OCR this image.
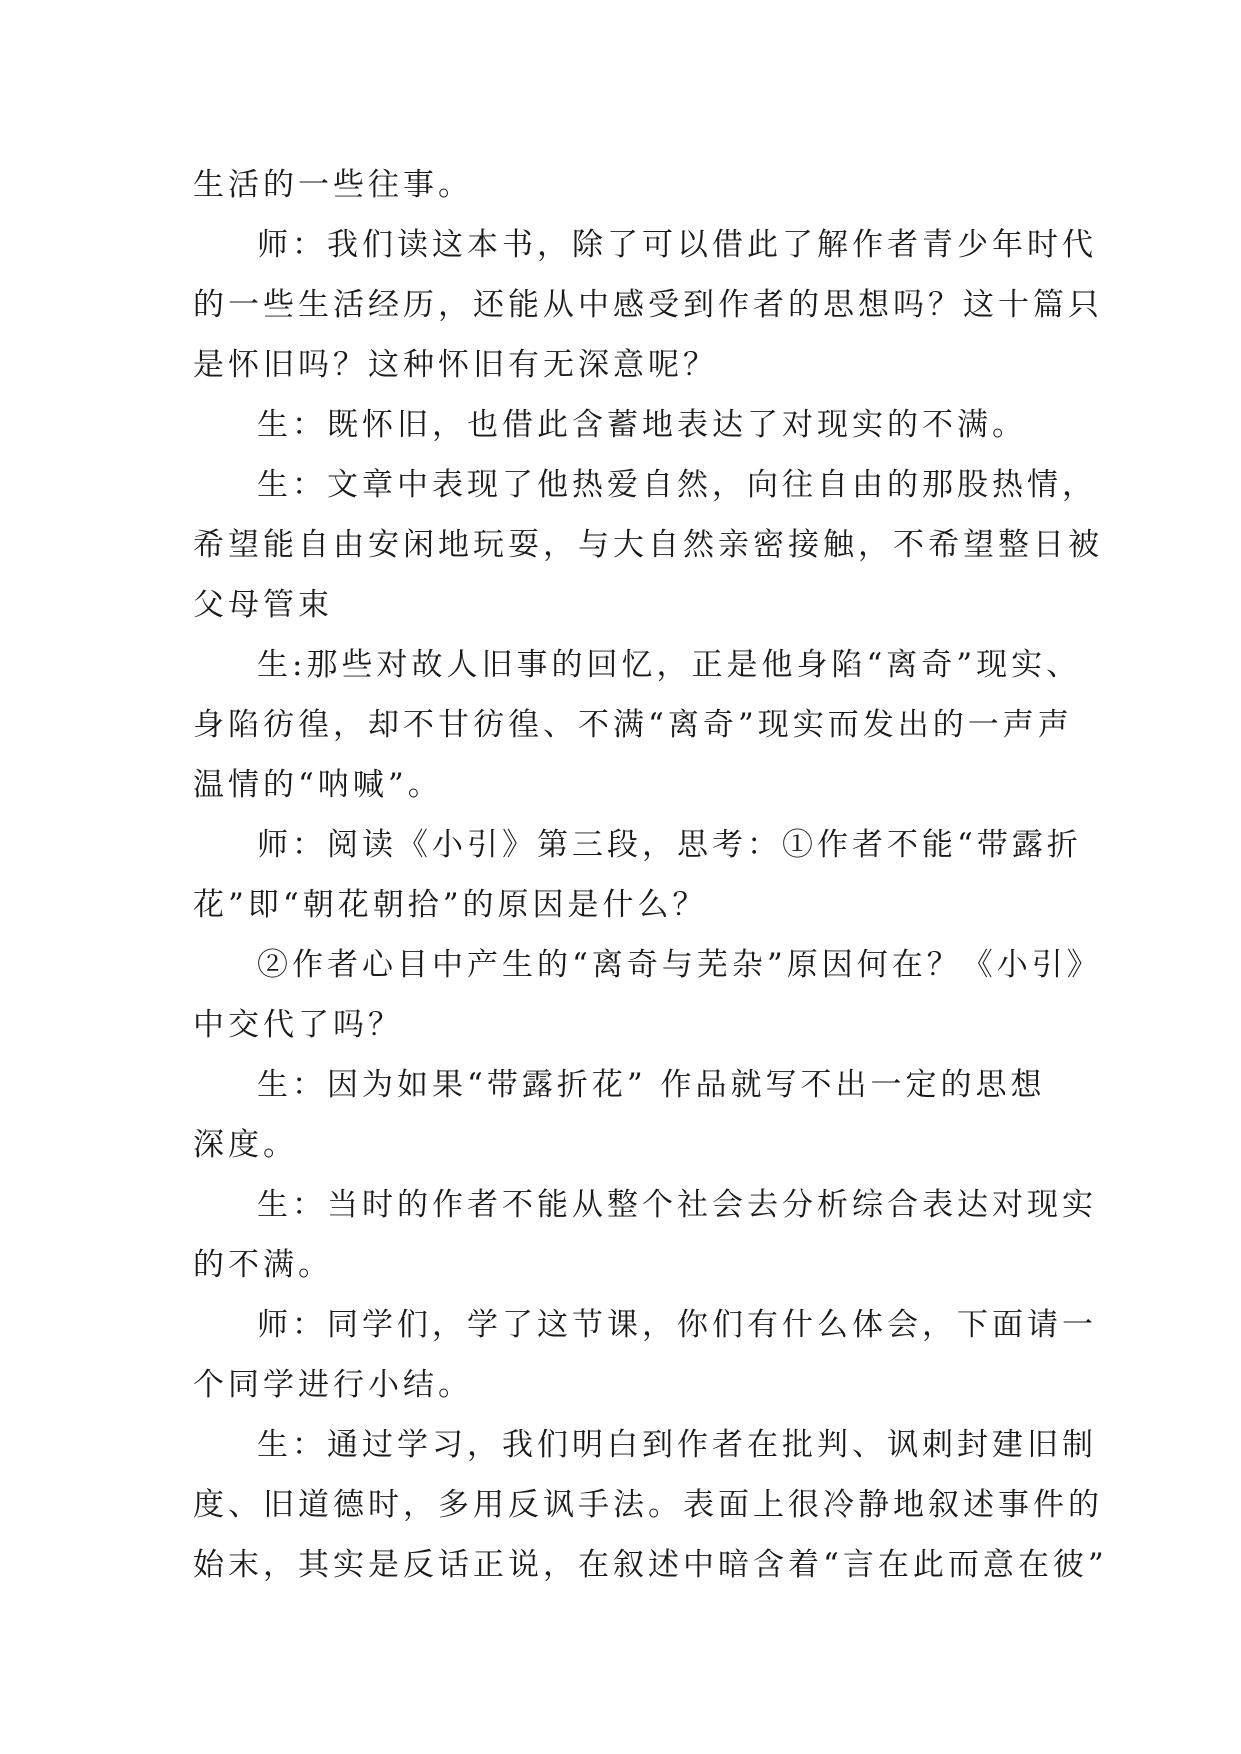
生活的一些往事。
师：我们读这本书，除了可以借此了解作者青少年时代
的一些生活经历，还能从中感受到作者的思想吗？这十篇只
是怀旧吗？这种怀旧有无深意呢？
生：既怀旧，也借此含蓄地表达了对现实的不满。
生：文章中表现了他热爱自然，向往自由的那股热情，
希望能自由安闲地玩耍，与大自然亲密接触，不希望整日被
父母管束
生:那些对故人旧事的回忆，正是他身陷“离奇”现实、
身陷彷徨，却不甘彷徨、不满“离奇”现实而发出的一声声
温情的“呐喊”。
师：阅读《小引》第三段，思考：①作者不能“带露折
花”即“朝花朝拾”的原因是什么？
②作者心目中产生的“离奇与芜杂”原因何在？《小引》
中交代了吗？
生：因为如果“带露折花” 作品就写不出一定的思想
深度。
生：当时的作者不能从整个社会去分析综合表达对现实
的不满。
师：同学们，学了这节课，你们有什么体会，下面请一
个同学进行小结。
生：通过学习，我们明白到作者在批判、讽刺封建旧制
度、旧道德时，多用反讽手法。表面上很冷静地叙述事件的
始末，其实是反话正说，在叙述中暗含着“言在此而意在彼”
